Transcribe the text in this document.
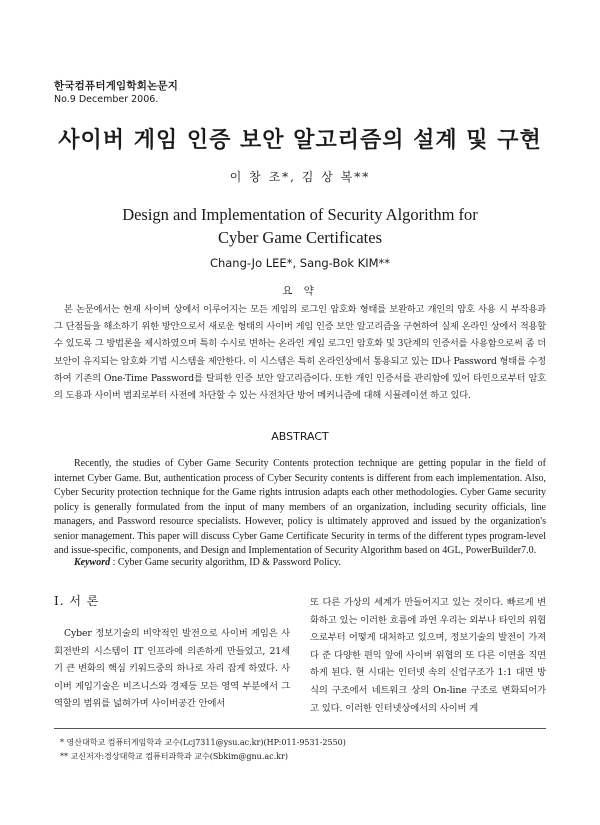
한국컴퓨터게임학회논문지
No.9 December 2006.
사이버 게임 인증 보안 알고리즘의 설계 및 구현
이 창 조*, 김 상 복**
Design and Implementation of Security Algorithm for
Cyber Game Certificates
Chang-Jo LEE*, Sang-Bok KIM**
요 약

본 논문에서는 현재 사이버 상에서 이루어지는 모든 게임의 로그인 암호화 형태를 보완하고 개인의 암호 사용 시 부작용과 그 단점들을 해소하기 위한 방안으로서 새로운 형태의 사이버 게임 인증 보안 알고리즘을 구현하여 실제 온라인 상에서 적용할 수 있도록 그 방법론을 제시하였으며 특히 수시로 변하는 온라인 게임 로그인 암호화 및 3단계의 인증서를 사용함으로써 좀 더 보안이 유지되는 암호화 기법 시스템을 제안한다. 이 시스템은 특히 온라인상에서 통용되고 있는 ID나 Password 형태를 수정하여 기존의 One-Time Password를 탈피한 인증 보안 알고리즘이다. 또한 개인 인증서를 관리함에 있어 타인으로부터 암호의 도용과 사이버 범죄로부터 사전에 차단할 수 있는 사전차단 방어 메커니즘에 대해 시뮬레이션 하고 있다.

ABSTRACT

Recently, the studies of Cyber Game Security Contents protection technique are getting popular in the field of internet Cyber Game. But, authentication process of Cyber Security contents is different from each implementation. Also, Cyber Security protection technique for the Game rights intrusion adapts each other methodologies. Cyber Game security policy is generally formulated from the input of many members of an organization, including security officials, line managers, and Password resource specialists. However, policy is ultimately approved and issued by the organization's senior management. This paper will discuss Cyber Game Certificate Security in terms of the different types program-level and issue-specific, components, and Design and Implementation of Security Algorithm based on 4GL, PowerBuilder7.0.

Keyword : Cyber Game security algorithm, ID & Password Policy.
Ⅰ. 서 론

Cyber 정보기술의 비약적인 발전으로 사이버 게임은 사회전반의 시스템이 IT 인프라에 의존하게 만들었고, 21세기 큰 변화의 핵심 키워드중의 하나로 자리 잡게 하였다. 사이버 게임기술은 비즈니스와 경제등 모든 영역 부분에서 그 역할의 범위를 넓혀가며 사이버공간 안에서

또 다른 가상의 세계가 만들어지고 있는 것이다. 빠르게 변화하고 있는 이러한 흐름에 과연 우리는 외부나 타인의 위협으로부터 어떻게 대처하고 있으며, 정보기술의 발전이 가져다 준 다양한 편익 앞에 사이버 위협의 또 다른 이면을 직면하게 된다. 현 시대는 인터넷 속의 신업구조가 1:1 대면 방식의 구조에서 네트워크 상의 On-line 구조로 변화되어가고 있다. 이러한 인터넷상에서의 사이버 게

* 영산대학교 컴퓨터게임학과 교수(Lcj7311@ysu.ac.kr)(HP:011-9531-2550)
** 교신저자:경상대학교 컴퓨터과학과 교수(Sbkim@gnu.ac.kr)
